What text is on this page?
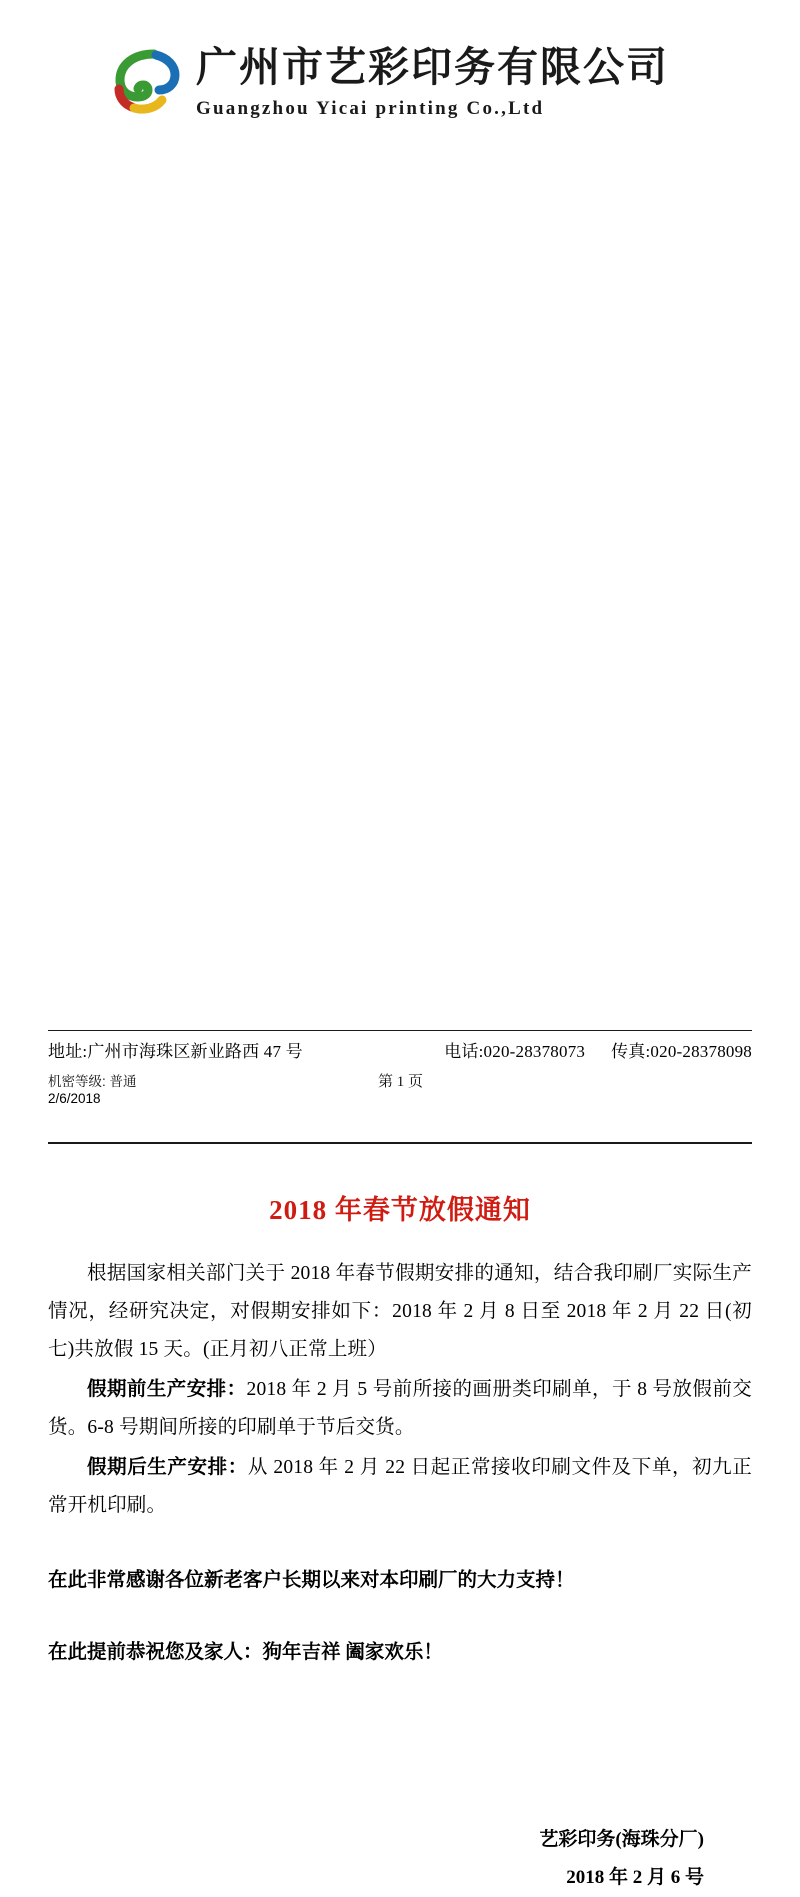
广州市艺彩印务有限公司
Guangzhou Yicai printing Co.,Ltd
2018 年春节放假通知

根据国家相关部门关于 2018 年春节假期安排的通知，结合我印刷厂实际生产情况，经研究决定，对假期安排如下：2018 年 2 月 8 日至 2018 年 2 月 22 日(初七)共放假 15 天。(正月初八正常上班）

假期前生产安排：2018 年 2 月 5 号前所接的画册类印刷单，于 8 号放假前交货。6-8 号期间所接的印刷单于节后交货。

假期后生产安排：从 2018 年 2 月 22 日起正常接收印刷文件及下单，初九正常开机印刷。

在此非常感谢各位新老客户长期以来对本印刷厂的大力支持！
在此提前恭祝您及家人：狗年吉祥 阖家欢乐！
艺彩印务(海珠分厂)
2018 年 2 月 6 号
地址:广州市海珠区新业路西 47 号	电话:020-28378073 传真:020-28378098
机密等级: 普通	第 1 页
2/6/2018
